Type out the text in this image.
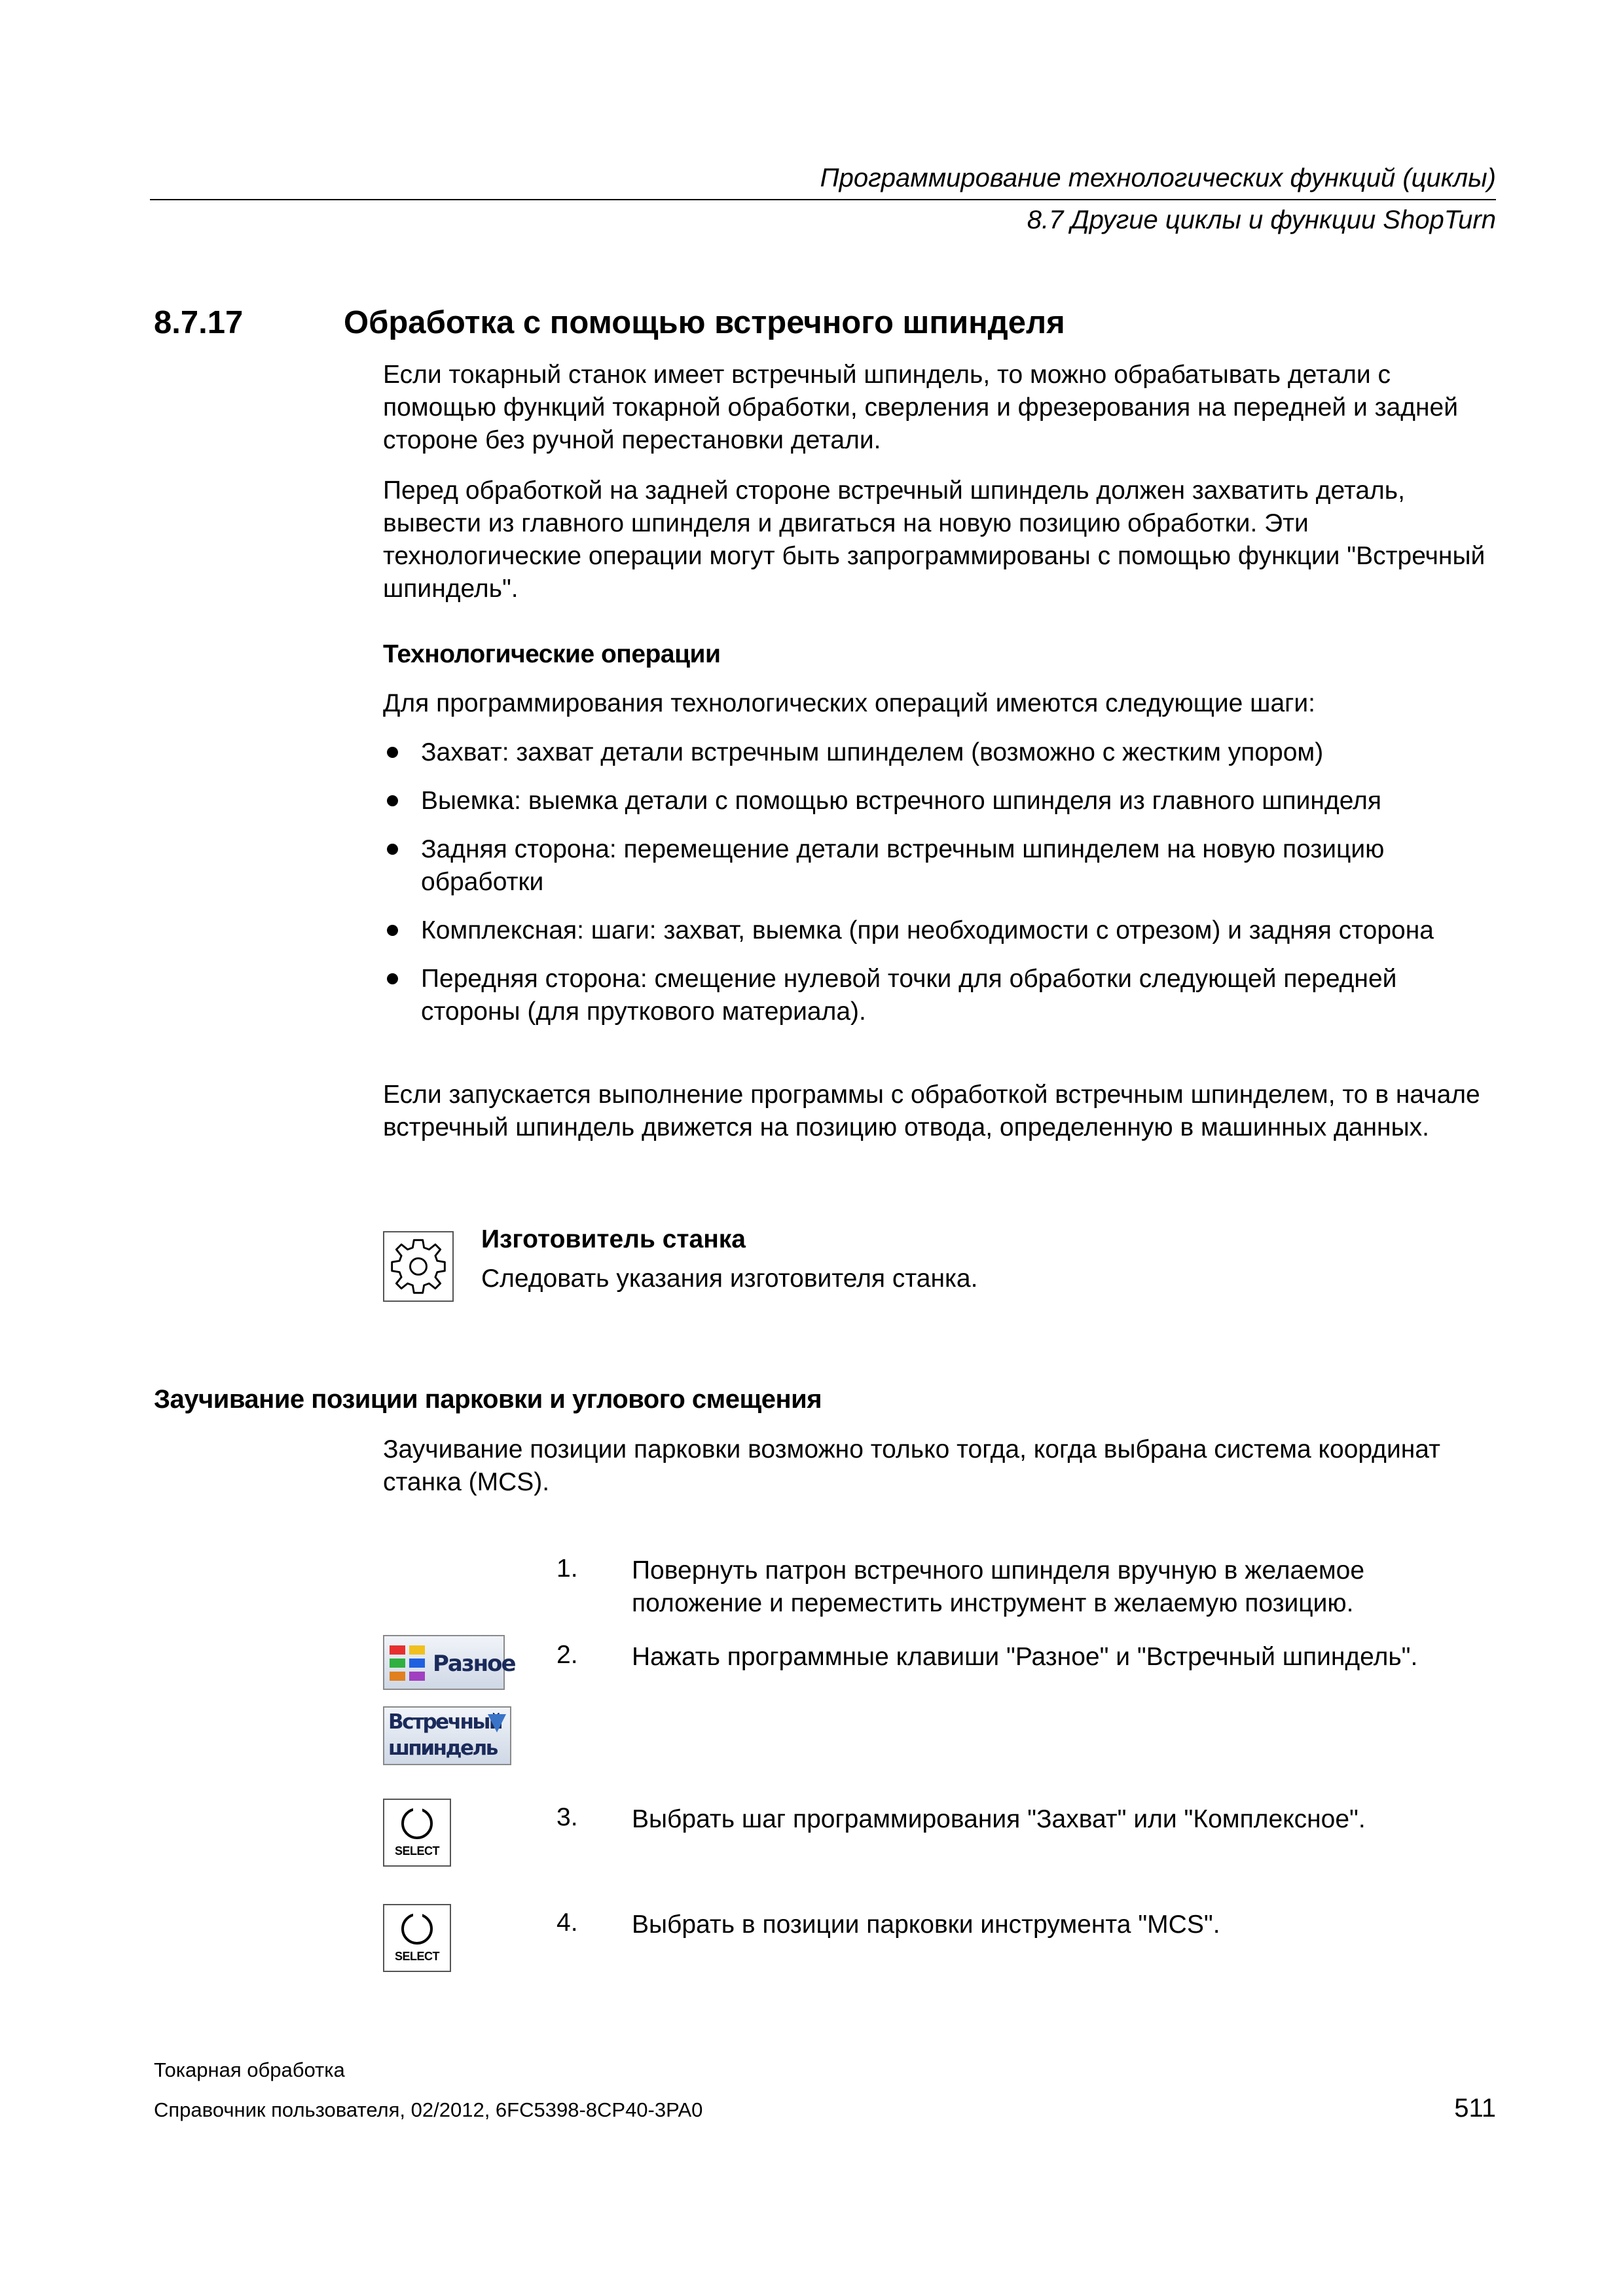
Программирование технологических функций (циклы)
8.7 Другие циклы и функции ShopTurn
8.7.17	Обработка с помощью встречного шпинделя

Если токарный станок имеет встречный шпиндель, то можно обрабатывать детали с помощью функций токарной обработки, сверления и фрезерования на передней и задней стороне без ручной перестановки детали.

Перед обработкой на задней стороне встречный шпиндель должен захватить деталь, вывести из главного шпинделя и двигаться на новую позицию обработки. Эти технологические операции могут быть запрограммированы с помощью функции "Встречный шпиндель".

Технологические операции
Для программирования технологических операций имеются следующие шаги:
Захват: захват детали встречным шпинделем (возможно с жестким упором)
Выемка: выемка детали с помощью встречного шпинделя из главного шпинделя
Задняя сторона: перемещение детали встречным шпинделем на новую позицию обработки
Комплексная: шаги: захват, выемка (при необходимости с отрезом) и задняя сторона
Передняя сторона: смещение нулевой точки для обработки следующей передней стороны (для пруткового материала).

Если запускается выполнение программы с обработкой встречным шпинделем, то в начале встречный шпиндель движется на позицию отвода, определенную в машинных данных.

Изготовитель станка
Следовать указания изготовителя станка.
Заучивание позиции парковки и углового смещения

Заучивание позиции парковки возможно только тогда, когда выбрана система координат станка (MCS).

1. Повернуть патрон встречного шпинделя вручную в желаемое положение и переместить инструмент в желаемую позицию.
2. Нажать программные клавиши "Разное" и "Встречный шпиндель".
3. Выбрать шаг программирования "Захват" или "Комплексное".
4. Выбрать в позиции парковки инструмента "MCS".
Разное
Встречный
шпиндель
SELECT
SELECT
Токарная обработка
Справочник пользователя, 02/2012, 6FC5398-8CP40-3PA0	511
